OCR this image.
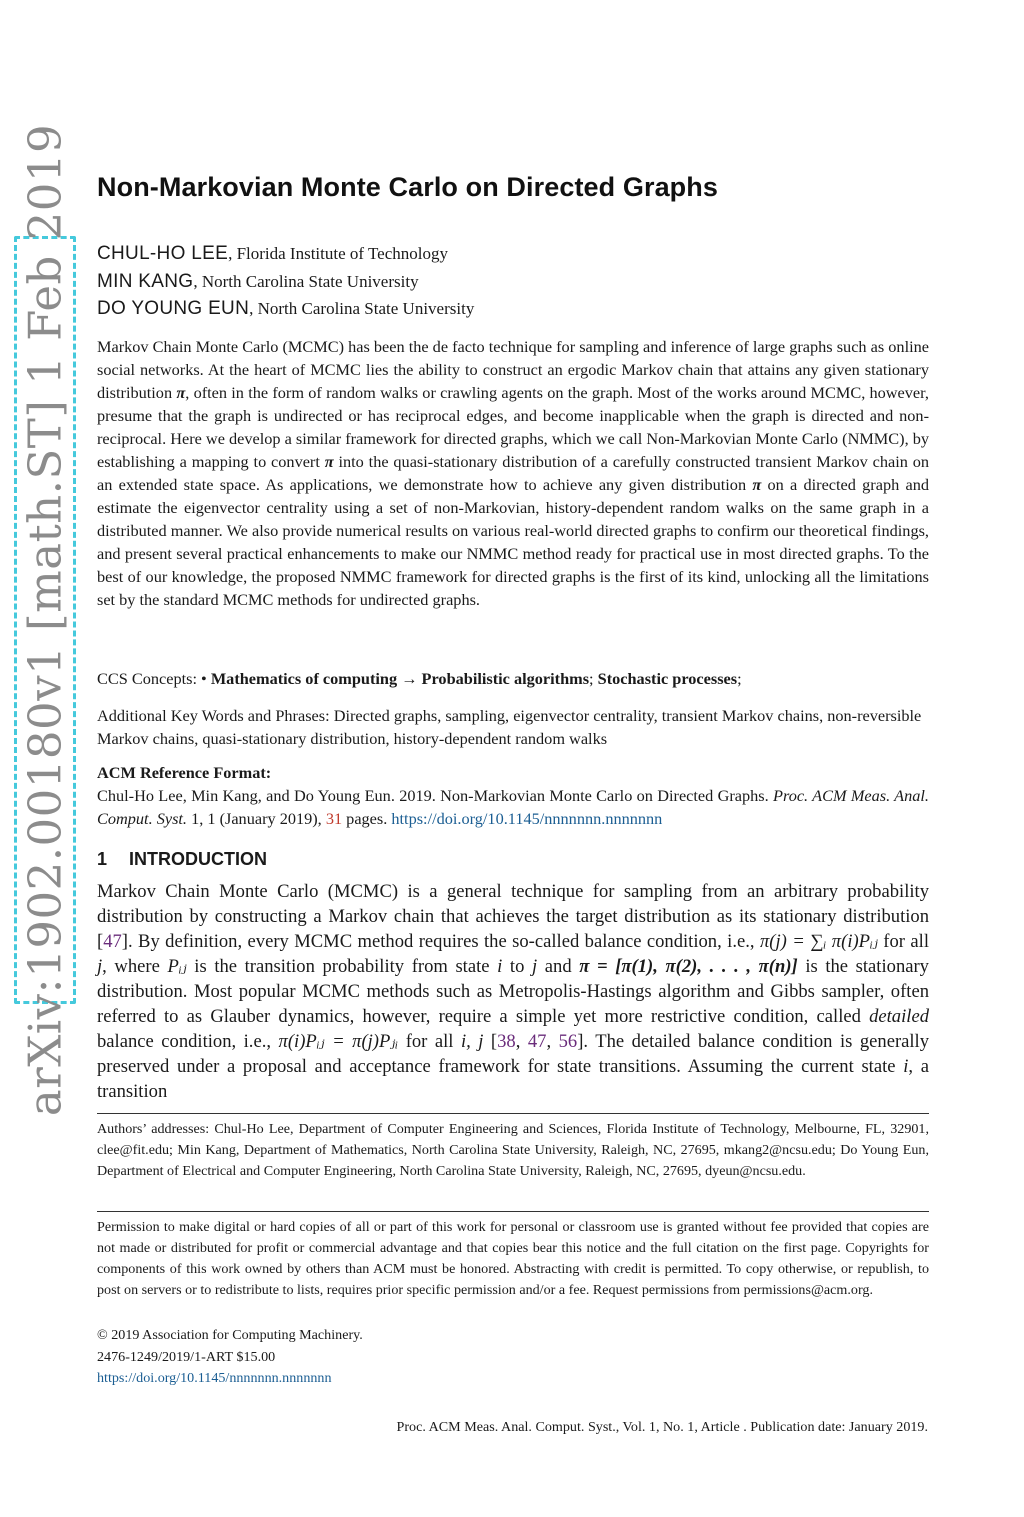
arXiv:1902.00180v1 [math.ST] 1 Feb 2019 Non-Markovian Monte Carlo on Directed Graphs
CHUL-HO LEE, Florida Institute of Technology
MIN KANG, North Carolina State University
DO YOUNG EUN, North Carolina State University

Markov Chain Monte Carlo (MCMC) has been the de facto technique for sampling and inference of large graphs such as online social networks. At the heart of MCMC lies the ability to construct an ergodic Markov chain that attains any given stationary distribution π, often in the form of random walks or crawling agents on the graph. Most of the works around MCMC, however, presume that the graph is undirected or has reciprocal edges, and become inapplicable when the graph is directed and non-reciprocal. Here we develop a similar framework for directed graphs, which we call Non-Markovian Monte Carlo (NMMC), by establishing a mapping to convert π into the quasi-stationary distribution of a carefully constructed transient Markov chain on an extended state space. As applications, we demonstrate how to achieve any given distribution π on a directed graph and estimate the eigenvector centrality using a set of non-Markovian, history-dependent random walks on the same graph in a distributed manner. We also provide numerical results on various real-world directed graphs to confirm our theoretical findings, and present several practical enhancements to make our NMMC method ready for practical use in most directed graphs. To the best of our knowledge, the proposed NMMC framework for directed graphs is the first of its kind, unlocking all the limitations set by the standard MCMC methods for undirected graphs.

CCS Concepts: • Mathematics of computing → Probabilistic algorithms; Stochastic processes;

Additional Key Words and Phrases: Directed graphs, sampling, eigenvector centrality, transient Markov chains, non-reversible Markov chains, quasi-stationary distribution, history-dependent random walks

ACM Reference Format:
Chul-Ho Lee, Min Kang, and Do Young Eun. 2019. Non-Markovian Monte Carlo on Directed Graphs. Proc. ACM Meas. Anal. Comput. Syst. 1, 1 (January 2019), 31 pages. https://doi.org/10.1145/nnnnnnn.nnnnnnn
1 INTRODUCTION

Markov Chain Monte Carlo (MCMC) is a general technique for sampling from an arbitrary probability distribution by constructing a Markov chain that achieves the target distribution as its stationary distribution [47]. By definition, every MCMC method requires the so-called balance condition, i.e., π(j) = ∑ᵢ π(i)Pᵢⱼ for all j, where Pᵢⱼ is the transition probability from state i to j and π = [π(1), π(2), . . . , π(n)] is the stationary distribution. Most popular MCMC methods such as Metropolis-Hastings algorithm and Gibbs sampler, often referred to as Glauber dynamics, however, require a simple yet more restrictive condition, called detailed balance condition, i.e., π(i)Pᵢⱼ = π(j)Pⱼᵢ for all i, j [38, 47, 56]. The detailed balance condition is generally preserved under a proposal and acceptance framework for state transitions. Assuming the current state i, a transition

Authors’ addresses: Chul-Ho Lee, Department of Computer Engineering and Sciences, Florida Institute of Technology, Melbourne, FL, 32901, clee@fit.edu; Min Kang, Department of Mathematics, North Carolina State University, Raleigh, NC, 27695, mkang2@ncsu.edu; Do Young Eun, Department of Electrical and Computer Engineering, North Carolina State University, Raleigh, NC, 27695, dyeun@ncsu.edu.

Permission to make digital or hard copies of all or part of this work for personal or classroom use is granted without fee provided that copies are not made or distributed for profit or commercial advantage and that copies bear this notice and the full citation on the first page. Copyrights for components of this work owned by others than ACM must be honored. Abstracting with credit is permitted. To copy otherwise, or republish, to post on servers or to redistribute to lists, requires prior specific permission and/or a fee. Request permissions from permissions@acm.org.

© 2019 Association for Computing Machinery.
2476-1249/2019/1-ART $15.00
https://doi.org/10.1145/nnnnnnn.nnnnnnn
Proc. ACM Meas. Anal. Comput. Syst., Vol. 1, No. 1, Article . Publication date: January 2019.
